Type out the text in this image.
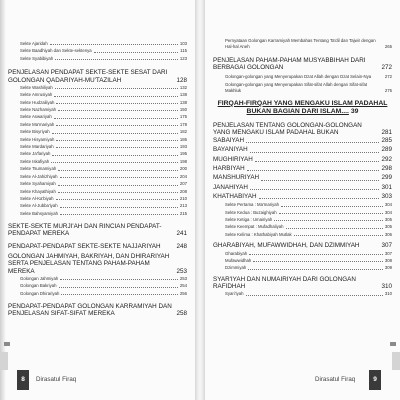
Sekte Ajaridah	103
Sekte Baadhiyah dan Sekte-sektenya	115
Sekte Syabibiyah	123
PENJELASAN PENDAPAT SEKTE-SEKTE SESAT DARI GOLONGAN QADARIYAH-MU'TAZILAH	128
Sekte Washiliyah	132
Sekte Amrusiyah	138
Sekte Hudzailiyah	138
Sekte Nazhamiyah	150
Sekte Aswariyah	175
Sekte Ma'mariyah	178
Sekte Bisyriyah	182
Sekte Hisyamiyah	186
Sekte Mardariyah	193
Sekte Ja'fariyah	195
Sekte Iskafiyah	198
Sekte Tsumamiyah	200
Sekte Al-Jahizhiyah	204
Sekte Syahamiyah	207
Sekte Khayathiyah	208
Sekte Al-Ka'biyah	210
Sekte Al-Jubba'iyah	213
Sekte Bahsyamiyah	215
SEKTE-SEKTE MURJI'AH DAN RINCIAN PENDAPAT-PENDAPAT MEREKA	241
PENDAPAT-PENDAPAT SEKTE-SEKTE NAJJARIYAH	248
GOLONGAN JAHMIYAH, BAKRIYAH, DAN DHIRARIYAH SERTA PENJELASAN TENTANG PAHAM-PAHAM MEREKA	253
Golongan Jahmiyah	253
Golongan Bakriyah	254
Golongan Dhirariyah	256
PENDAPAT-PENDAPAT GOLONGAN KARRAMIYAH DAN PENJELASAN SIFAT-SIFAT MEREKA	258
8	Dirasatul Firaq
Pernyataan Golongan Karramiyah Membahas Tentang Ta'dil dan Tajwir dengan Hal-hal Aneh	265
PENJELASAN PAHAM-PAHAM MUSYABBIHAH DARI BERBAGAI GOLONGAN	272
Golongan-golongan yang Menyerupakan Dzat Allah dengan Dzat Selain-Nya	272
Golongan-golongan yang Menyerupakan Sifat-sifat Allah dengan Sifat-sifat Makhluk	275
FIRQAH-FIRQAH YANG MENGAKU ISLAM PADAHAL
BUKAN BAGIAN DARI ISLAM.... 39
PENJELASAN TENTANG GOLONGAN-GOLONGAN YANG MENGAKU ISLAM PADAHAL BUKAN	281
SABAIYAH	285
BAYANIYAH	289
MUGHIRIYAH	292
HARBIYAH	298
MANSHURIYAH	299
JANAHIYAH	301
KHATHABIYAH	303
Sekte Pertama : Ma'mariyah	304
Sekte Kedua : Buzaighiyah	304
Sekte Ketiga : Umairiyah	305
Sekte Keempat : Mufadhaliyah	305
Sekte Kelima : Khathabiyah Mutlak	306
GHARABIYAH, MUFAWWIDHAH, DAN DZIMMIYAH	307
Gharabiyah	307
Mufawwidhah	308
Dzimmiyah	309
SYAR'IYAH DAN NUMAIRIYAH DARI GOLONGAN RAFIDHAH	310
Syari'iyah	310
Dirasatul Firaq	9
